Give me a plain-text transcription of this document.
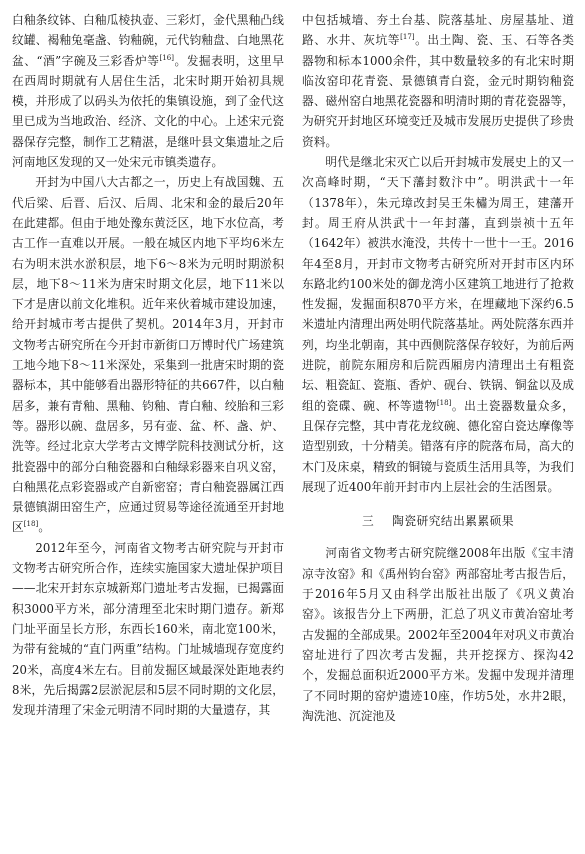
白釉条纹钵、白釉瓜棱执壶、三彩灯，金代黑釉凸线纹罐、褐釉兔毫盏、钧釉碗，元代钧釉盘、白地黑花盆、“酒”字碗及三彩香炉等[16]。发掘表明，这里早在西周时期就有人居住生活，北宋时期开始初具规模，并形成了以码头为依托的集镇设施，到了金代这里已成为当地政治、经济、文化的中心。上述宋元瓷器保存完整，制作工艺精湛，是继叶县文集遗址之后河南地区发现的又一处宋元市镇类遗存。

开封为中国八大古都之一，历史上有战国魏、五代后梁、后晋、后汉、后周、北宋和金的最后20年在此建都。但由于地处豫东黄泛区，地下水位高，考古工作一直难以开展。一般在城区内地下平均6米左右为明末洪水淤积层，地下6～8米为元明时期淤积层，地下8～11米为唐宋时期文化层，地下11米以下才是唐以前文化堆积。近年来伙着城市建设加速，给开封城市考古提供了契机。2014年3月，开封市文物考古研究所在今开封市新街口万博时代广场建筑工地今地下8～11米深处，采集到一批唐宋时期的瓷器标本，其中能够看出器形特征的共667件，以白釉居多，兼有青釉、黑釉、钧釉、青白釉、绞胎和三彩等。器形以碗、盘居多，另有壶、盆、杯、盏、炉、洗等。经过北京大学考古文博学院科技测试分析，这批瓷器中的部分白釉瓷器和白釉绿彩器来自巩义窑，白釉黑花点彩瓷器或产自新密窑；青白釉瓷器属江西景德镇湖田窑生产，应通过贸易等途径流通至开封地区[18]。

2012年至今，河南省文物考古研究院与开封市文物考古研究所合作，连续实施国家大遗址保护项目——北宋开封东京城新郑门遗址考古发掘，已揭露面积3000平方米，部分清理至北宋时期门遗存。新郑门址平面呈长方形，东西长160米，南北宽100米，为带有瓮城的“直门两重”结构。门址城墙现存宽度约20米，高度4米左右。目前发掘区域最深处距地表约8米，先后揭露2层淤泥层和5层不同时期的文化层，发现并清理了宋金元明清不同时期的大量遗存，其

中包括城墙、夯土台基、院落基址、房屋基址、道路、水井、灰坑等[17]。出土陶、瓷、玉、石等各类器物和标本1000余件，其中数量较多的有北宋时期临汝窑印花青瓷、景德镇青白瓷，金元时期钧釉瓷器、磁州窑白地黑花瓷器和明清时期的青花瓷器等，为研究开封地区环境变迁及城市发展历史提供了珍贵资料。

明代是继北宋灭亡以后开封城市发展史上的又一次高峰时期，“天下藩封数汴中”。明洪武十一年（1378年），朱元璋改封吴王朱橚为周王，建藩开封。周王府从洪武十一年封藩，直到崇祯十五年（1642年）被洪水淹没，共传十一世十一王。2016年4至8月，开封市文物考古研究所对开封市区内环东路北约100米处的御龙湾小区建筑工地进行了抢救性发掘，发掘面积870平方米，在埋藏地下深约6.5米遗址内清理出两处明代院落基址。两处院落东西并列，均坐北朝南，其中西侧院落保存较好，为前后两进院，前院东厢房和后院西厢房内清理出土有粗瓷坛、粗瓷缸、瓷瓶、香炉、砚台、铁锅、铜盆以及成组的瓷碟、碗、杯等遗物[18]。出土瓷器数量众多，且保存完整，其中青花龙纹碗、德化窑白瓷达摩像等造型别致，十分精美。错落有序的院落布局，高大的木门及床桌，精致的铜镜与瓷质生活用具等，为我们展现了近400年前开封市内上层社会的生活图景。

三 陶瓷研究结出累累硕果

河南省文物考古研究院继2008年出版《宝丰清凉寺汝窑》和《禹州钧台窑》两部窑址考古报告后，于2016年5月又由科学出版社出版了《巩义黄冶窑》。该报告分上下两册，汇总了巩义市黄冶窑址考古发掘的全部成果。2002年至2004年对巩义市黄冶窑址进行了四次考古发掘，共开挖探方、探沟42个，发掘总面积近2000平方米。发掘中发现并清理了不同时期的窑炉遗迹10座，作坊5处，水井2眼，淘洗池、沉淀池及
